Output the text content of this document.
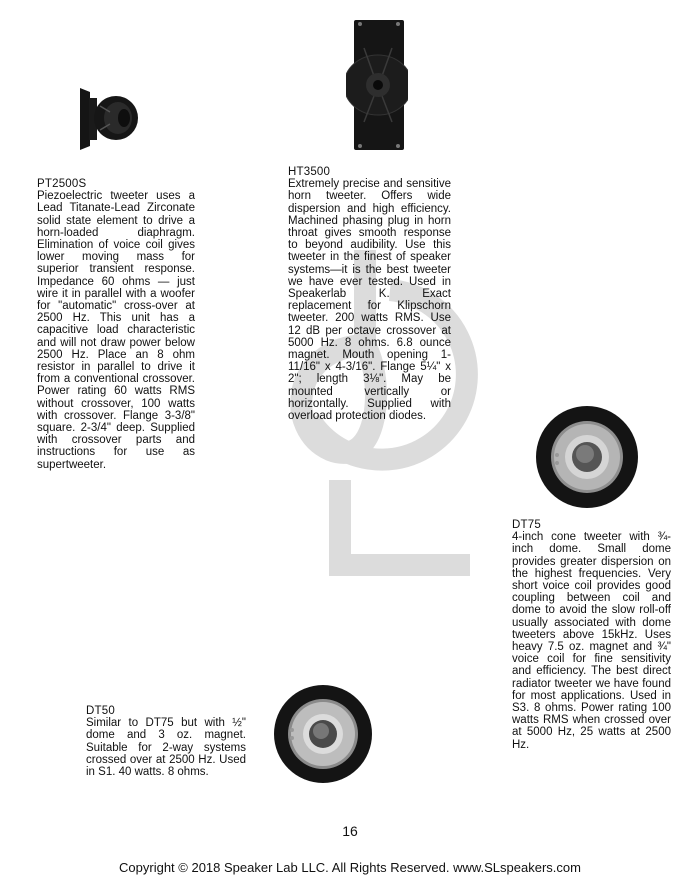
PT2500S
Piezoelectric tweeter uses a Lead Titanate-Lead Zirconate solid state element to drive a horn-loaded diaphragm. Elimination of voice coil gives lower moving mass for superior transient response. Impedance 60 ohms — just wire it in parallel with a woofer for "automatic" cross-over at 2500 Hz. This unit has a capacitive load characteristic and will not draw power below 2500 Hz. Place an 8 ohm resistor in parallel to drive it from a conventional crossover. Power rating 60 watts RMS without crossover, 100 watts with crossover. Flange 3-3/8" square. 2-3/4" deep. Supplied with crossover parts and instructions for use as supertweeter.
HT3500
Extremely precise and sensitive horn tweeter. Offers wide dispersion and high efficiency. Machined phasing plug in horn throat gives smooth response to beyond audibility. Use this tweeter in the finest of speaker systems—it is the best tweeter we have ever tested. Used in Speakerlab K. Exact replacement for Klipschorn tweeter. 200 watts RMS. Use 12 dB per octave crossover at 5000 Hz. 8 ohms. 6.8 ounce magnet. Mouth opening 1-11/16" x 4-3/16". Flange 5¼" x 2"; length 3⅛". May be mounted vertically or horizontally. Supplied with overload protection diodes.
DT75
4-inch cone tweeter with ¾-inch dome. Small dome provides greater dispersion on the highest frequencies. Very short voice coil provides good coupling between coil and dome to avoid the slow roll-off usually associated with dome tweeters above 15kHz. Uses heavy 7.5 oz. magnet and ¾" voice coil for fine sensitivity and efficiency. The best direct radiator tweeter we have found for most applications. Used in S3. 8 ohms. Power rating 100 watts RMS when crossed over at 5000 Hz, 25 watts at 2500 Hz.
DT50
Similar to DT75 but with ½" dome and 3 oz. magnet. Suitable for 2-way systems crossed over at 2500 Hz. Used in S1. 40 watts. 8 ohms.
16
Copyright © 2018 Speaker Lab LLC. All Rights Reserved. www.SLspeakers.com
